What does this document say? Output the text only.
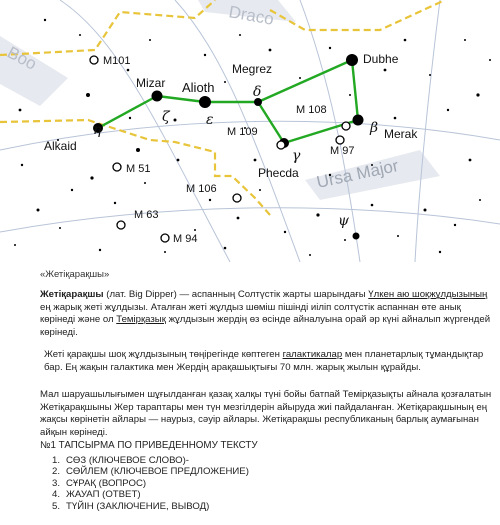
Draco
Boo
Ursa Major
M101
Mizar Alioth
Megrez
Dubhe
Alkaid
M 108
M 109	Merak
M 97
Phecda
M 51
M 106
M 63
M 94
η
ζ	ε
δ
γ
β
ψ
«Жетіқарақшы»

Жетіқарақшы (лат. Big Dipper) — аспанның Солтүстік жарты шарындағы Үлкен аю шоқжұлдызының ең жарық жеті жұлдызы. Аталған жеті жұлдыз шөміш пішінді иіліп солтүстік аспаннан өте анық көрінеді және ол Темірқазық жұлдызын жердің өз өсінде айналуына орай әр күні айналып жүргендей көрінеді.

Жеті қарақшы шоқ жұлдызының төңірегінде көптеген галактикалар мен планетарлық тұмандықтар бар. Ең жақын галактика мен Жердің арақашықтығы 70 млн. жарық жылын құрайды.

Мал шаруашылығымен шұғылданған қазақ халқы түні бойы батпай Темірқазықты айнала қозғалатын Жетіқарақшыны Жер тараптары мен түн мезгілдерін айыруда жиі пайдаланған. Жетіқарақшының ең жақсы көрінетін айлары — наурыз, сәуір айлары. Жетіқарақшы республиканың барлық аумағынан айқын көрінеді.

№1 ТАПСЫРМА ПО ПРИВЕДЕННОМУ ТЕКСТУ
1. СӨЗ (КЛЮЧЕВОЕ СЛОВО)-
2. СӨЙЛЕМ (КЛЮЧЕВОЕ ПРЕДЛОЖЕНИЕ)
3. СҰРАҚ (ВОПРОС)
4. ЖАУАП (ОТВЕТ)
5. ТҮЙІН (ЗАКЛЮЧЕНИЕ, ВЫВОД)
